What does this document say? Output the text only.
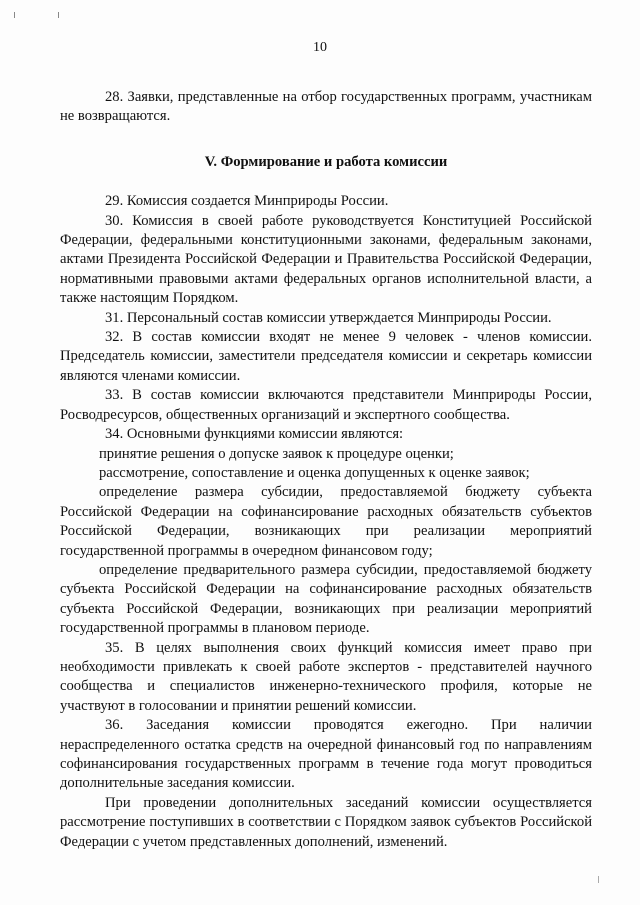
10

28. Заявки, представленные на отбор государственных программ, участникам не возвращаются.

V. Формирование и работа комиссии

29. Комиссия создается Минприроды России.

30. Комиссия в своей работе руководствуется Конституцией Российской Федерации, федеральными конституционными законами, федеральным законами, актами Президента Российской Федерации и Правительства Российской Федерации, нормативными правовыми актами федеральных органов исполнительной власти, а также настоящим Порядком.

31. Персональный состав комиссии утверждается Минприроды России.

32. В состав комиссии входят не менее 9 человек - членов комиссии. Председатель комиссии, заместители председателя комиссии и секретарь комиссии являются членами комиссии.

33. В состав комиссии включаются представители Минприроды России, Росводресурсов, общественных организаций и экспертного сообщества.

34. Основными функциями комиссии являются:

принятие решения о допуске заявок к процедуре оценки;

рассмотрение, сопоставление и оценка допущенных к оценке заявок;

определение размера субсидии, предоставляемой бюджету субъекта Российской Федерации на софинансирование расходных обязательств субъектов Российской Федерации, возникающих при реализации мероприятий государственной программы в очередном финансовом году;

определение предварительного размера субсидии, предоставляемой бюджету субъекта Российской Федерации на софинансирование расходных обязательств субъекта Российской Федерации, возникающих при реализации мероприятий государственной программы в плановом периоде.

35. В целях выполнения своих функций комиссия имеет право при необходимости привлекать к своей работе экспертов - представителей научного сообщества и специалистов инженерно-технического профиля, которые не участвуют в голосовании и принятии решений комиссии.

36. Заседания комиссии проводятся ежегодно. При наличии нераспределенного остатка средств на очередной финансовый год по направлениям софинансирования государственных программ в течение года могут проводиться дополнительные заседания комиссии.

При проведении дополнительных заседаний комиссии осуществляется рассмотрение поступивших в соответствии с Порядком заявок субъектов Российской Федерации с учетом представленных дополнений, изменений.
